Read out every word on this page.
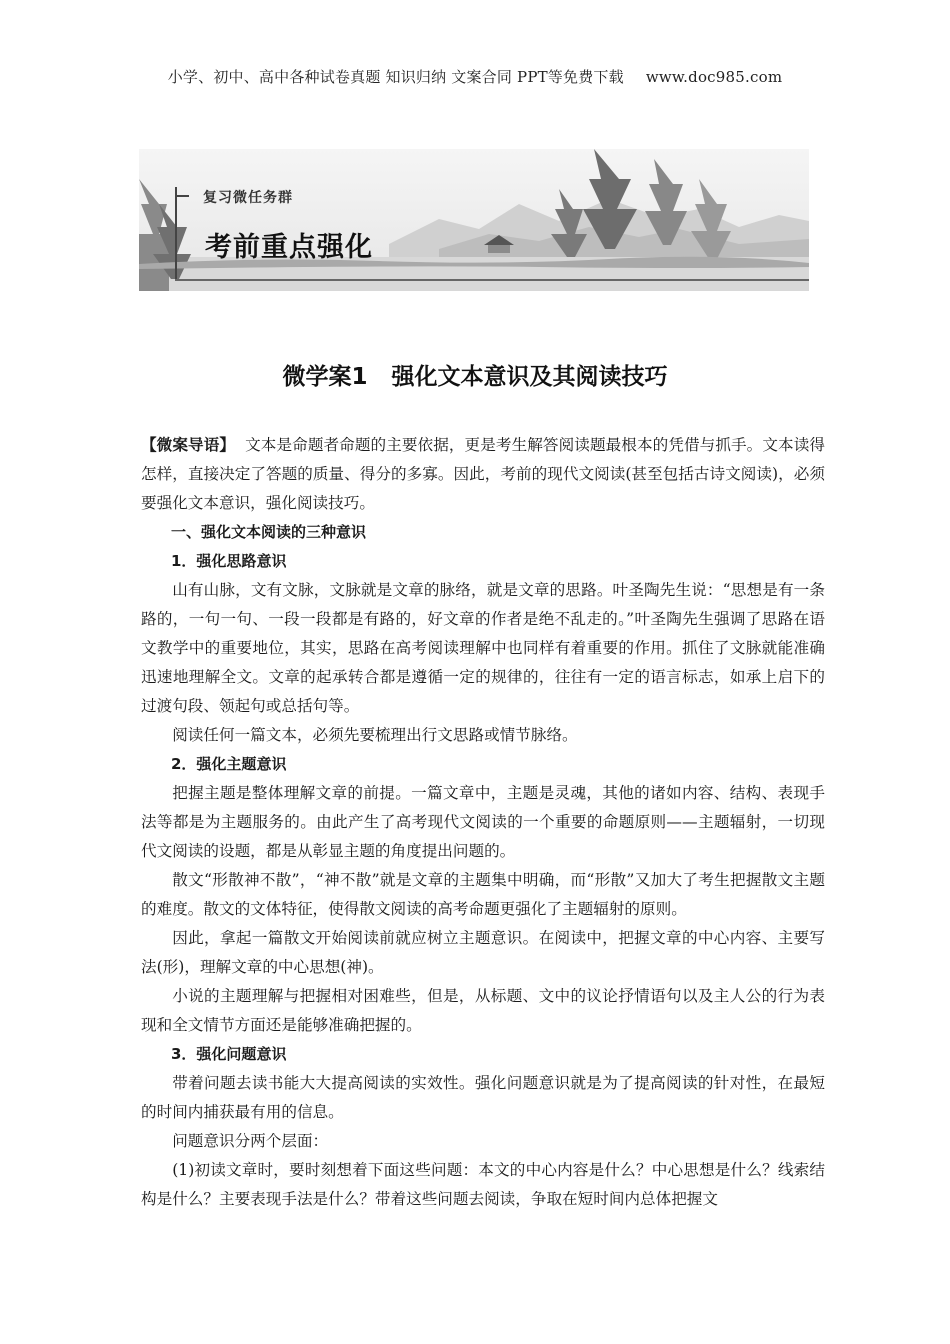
小学、初中、高中各种试卷真题 知识归纳 文案合同 PPT等免费下载 www.doc985.com
复习微任务群
考前重点强化
微学案1 强化文本意识及其阅读技巧

【微案导语】 文本是命题者命题的主要依据，更是考生解答阅读题最根本的凭借与抓手。文本读得怎样，直接决定了答题的质量、得分的多寡。因此，考前的现代文阅读(甚至包括古诗文阅读)，必须要强化文本意识，强化阅读技巧。

一、强化文本阅读的三种意识

1．强化思路意识

山有山脉，文有文脉，文脉就是文章的脉络，就是文章的思路。叶圣陶先生说：“思想是有一条路的，一句一句、一段一段都是有路的，好文章的作者是绝不乱走的。”叶圣陶先生强调了思路在语文教学中的重要地位，其实，思路在高考阅读理解中也同样有着重要的作用。抓住了文脉就能准确迅速地理解全文。文章的起承转合都是遵循一定的规律的，往往有一定的语言标志，如承上启下的过渡句段、领起句或总括句等。

阅读任何一篇文本，必须先要梳理出行文思路或情节脉络。

2．强化主题意识

把握主题是整体理解文章的前提。一篇文章中，主题是灵魂，其他的诸如内容、结构、表现手法等都是为主题服务的。由此产生了高考现代文阅读的一个重要的命题原则——主题辐射，一切现代文阅读的设题，都是从彰显主题的角度提出问题的。

散文“形散神不散”，“神不散”就是文章的主题集中明确，而“形散”又加大了考生把握散文主题的难度。散文的文体特征，使得散文阅读的高考命题更强化了主题辐射的原则。

因此，拿起一篇散文开始阅读前就应树立主题意识。在阅读中，把握文章的中心内容、主要写法(形)，理解文章的中心思想(神)。

小说的主题理解与把握相对困难些，但是，从标题、文中的议论抒情语句以及主人公的行为表现和全文情节方面还是能够准确把握的。

3．强化问题意识

带着问题去读书能大大提高阅读的实效性。强化问题意识就是为了提高阅读的针对性，在最短的时间内捕获最有用的信息。

问题意识分两个层面：

(1)初读文章时，要时刻想着下面这些问题：本文的中心内容是什么？中心思想是什么？线索结构是什么？主要表现手法是什么？带着这些问题去阅读，争取在短时间内总体把握文
